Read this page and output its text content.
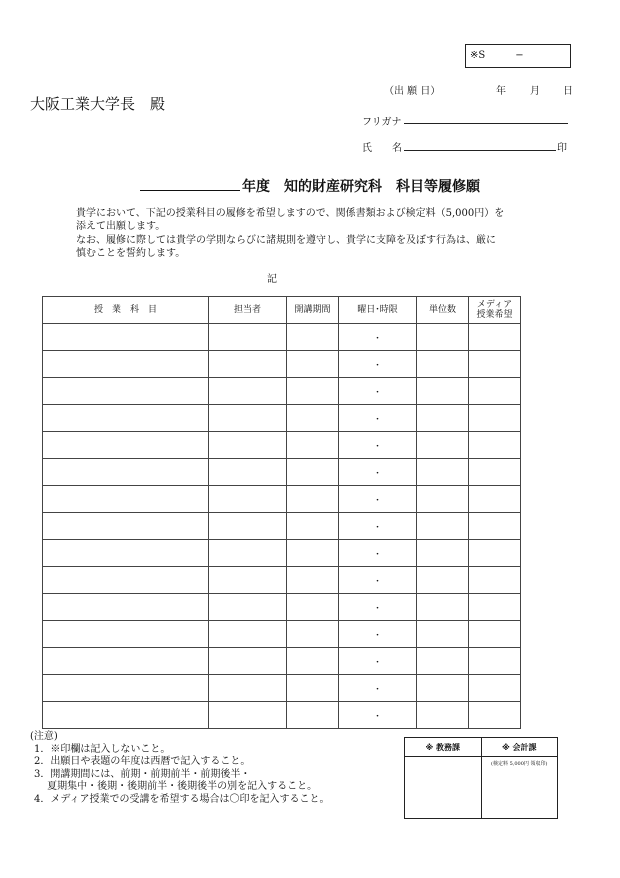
※S　　　−
（出 願 日）	年 月 日
大阪工業大学長　殿
フリガナ
氏　　名	印
年度　知的財産研究科　科目等履修願
貴学において、下記の授業科目の履修を希望しますので、関係書類および検定料（5,000円）を
添えて出願します。
なお、履修に際しては貴学の学則ならびに諸規則を遵守し、貴学に支障を及ぼす行為は、厳に
慎むことを誓約します。
記
授　業　科　目	担当者	開講期間	曜日･時限	単位数	メディア
授業希望

			・		
			・		
			・		
			・		
			・		
			・		
			・		
			・		
			・		
			・		
			・		
			・		
			・		
			・		
			・		
(注意)
1．※印欄は記入しないこと。
2．出願日や表題の年度は西暦で記入すること。
3．開講期間には、前期・前期前半・前期後半・
　 夏期集中・後期・後期前半・後期後半の別を記入すること。
4．メディア授業での受講を希望する場合は〇印を記入すること。
※ 教務課	※ 会計課

	(検定料 5,000円 領収印)
